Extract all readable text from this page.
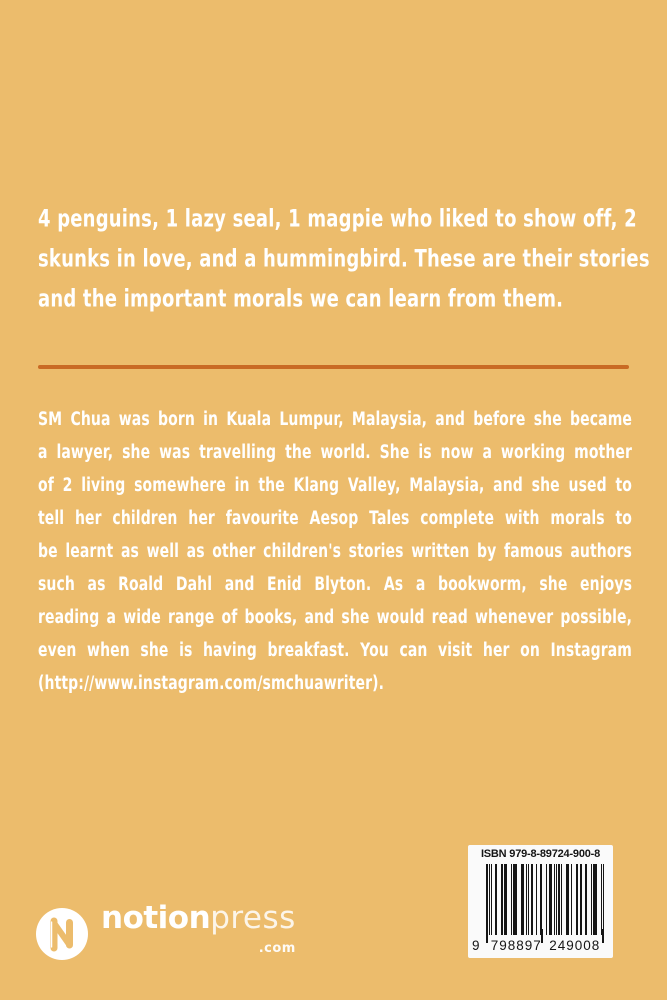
4 penguins, 1 lazy seal, 1 magpie who liked to show off, 2
skunks in love, and a hummingbird. These are their stories
and the important morals we can learn from them.
SM Chua was born in Kuala Lumpur, Malaysia, and before she became
a lawyer, she was travelling the world. She is now a working mother
of 2 living somewhere in the Klang Valley, Malaysia, and she used to
tell her children her favourite Aesop Tales complete with morals to
be learnt as well as other children's stories written by famous authors
such as Roald Dahl and Enid Blyton. As a bookworm, she enjoys
reading a wide range of books, and she would read whenever possible,
even when she is having breakfast. You can visit her on Instagram
(http://www.instagram.com/smchuawriter).
notionpress
.com
ISBN 979-8-89724-900-8
9 798897 249008
